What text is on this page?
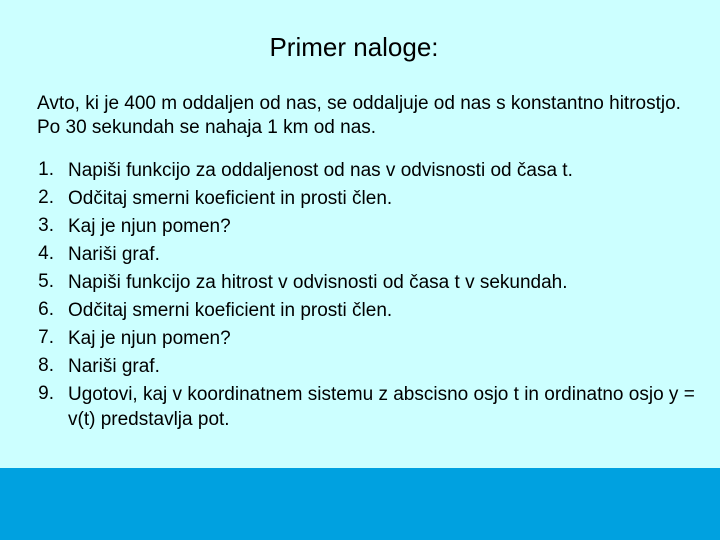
Primer naloge:

Avto, ki je 400 m oddaljen od nas, se oddaljuje od nas s konstantno hitrostjo. Po 30 sekundah se nahaja 1 km od nas.

1. Napiši funkcijo za oddaljenost od nas v odvisnosti od časa t.
2. Odčitaj smerni koeficient in prosti člen.
3. Kaj je njun pomen?
4. Nariši graf.
5. Napiši funkcijo za hitrost v odvisnosti od časa t v sekundah.
6. Odčitaj smerni koeficient in prosti člen.
7. Kaj je njun pomen?
8. Nariši graf.
9. Ugotovi, kaj v koordinatnem sistemu z abscisno osjo t in ordinatno osjo y = v(t) predstavlja pot.
